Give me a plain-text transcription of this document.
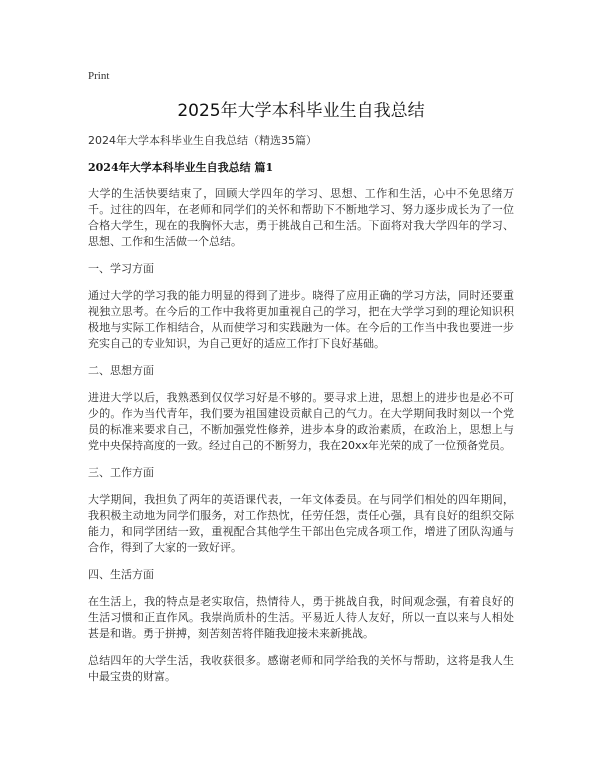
Print
2025年大学本科毕业生自我总结
2024年大学本科毕业生自我总结（精选35篇）
2024年大学本科毕业生自我总结 篇1

大学的生活快要结束了，回顾大学四年的学习、思想、工作和生活，心中不免思绪万千。过往的四年，在老师和同学们的关怀和帮助下不断地学习、努力逐步成长为了一位合格大学生，现在的我胸怀大志，勇于挑战自己和生活。下面将对我大学四年的学习、思想、工作和生活做一个总结。

一、学习方面

通过大学的学习我的能力明显的得到了进步。晓得了应用正确的学习方法，同时还要重视独立思考。在今后的工作中我将更加重视自己的学习，把在大学学习到的理论知识积极地与实际工作相结合，从而使学习和实践融为一体。在今后的工作当中我也要进一步充实自己的专业知识，为自己更好的适应工作打下良好基础。

二、思想方面

进进大学以后，我熟悉到仅仅学习好是不够的。要寻求上进，思想上的进步也是必不可少的。作为当代青年，我们要为祖国建设贡献自己的气力。在大学期间我时刻以一个党员的标准来要求自己，不断加强党性修养，进步本身的政治素质，在政治上，思想上与党中央保持高度的一致。经过自己的不断努力，我在20xx年光荣的成了一位预备党员。

三、工作方面

大学期间，我担负了两年的英语课代表，一年文体委员。在与同学们相处的四年期间，我积极主动地为同学们服务，对工作热忱，任劳任怨，责任心强，具有良好的组织交际能力，和同学团结一致，重视配合其他学生干部出色完成各项工作，增进了团队沟通与合作，得到了大家的一致好评。

四、生活方面

在生活上，我的特点是老实取信，热情待人，勇于挑战自我，时间观念强，有着良好的生活习惯和正直作风。我崇尚质朴的生活。平易近人待人友好，所以一直以来与人相处甚是和谐。勇于拼搏，刻苦刻苦将伴随我迎接未来新挑战。

总结四年的大学生活，我收获很多。感谢老师和同学给我的关怀与帮助，这将是我人生中最宝贵的财富。
